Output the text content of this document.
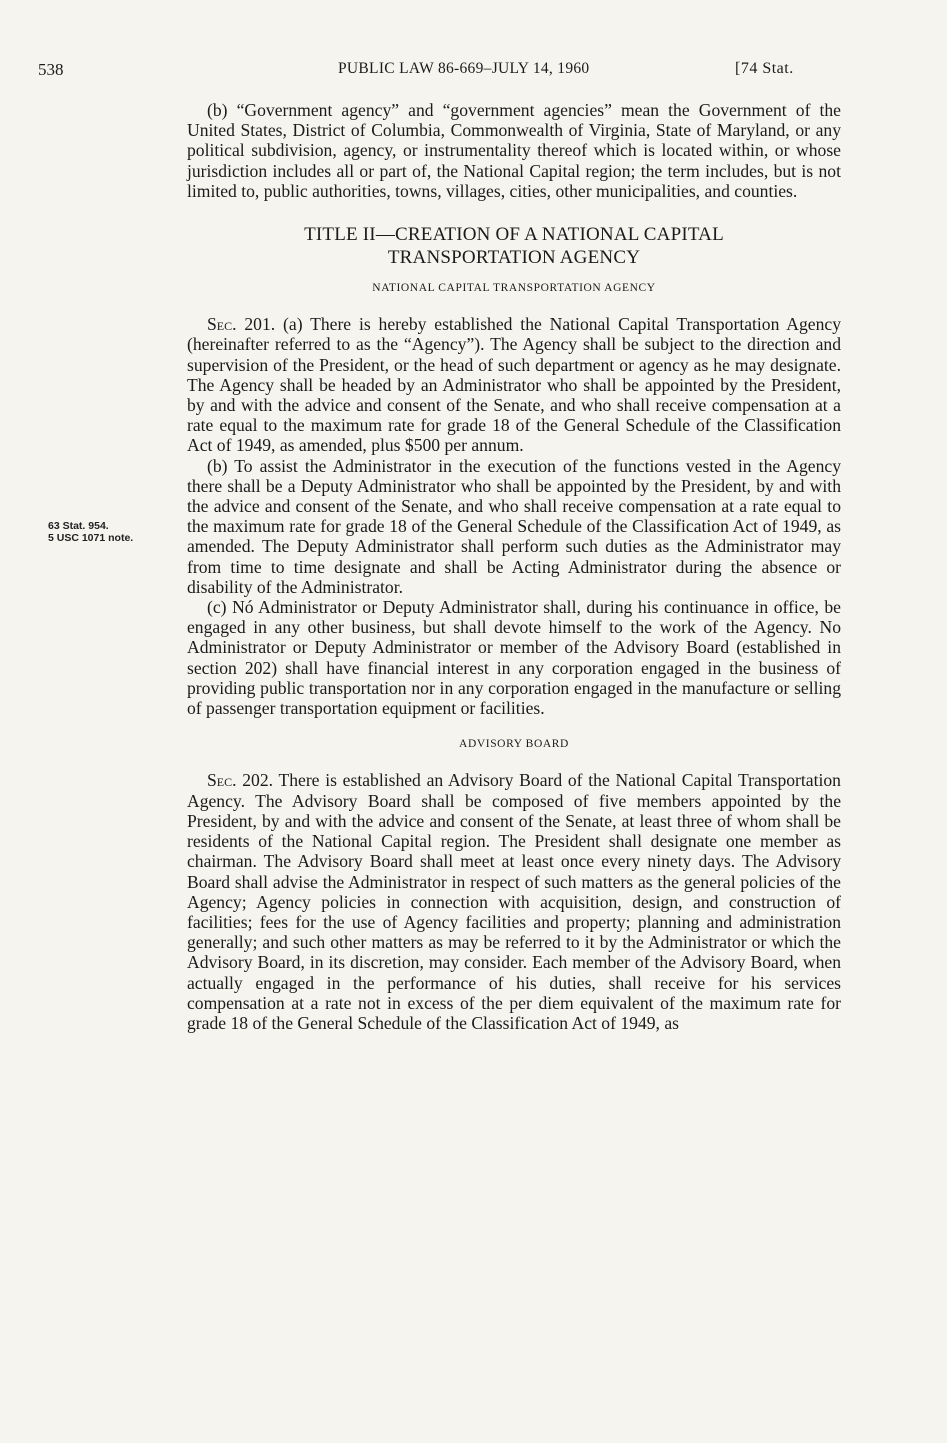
538	PUBLIC LAW 86-669–JULY 14, 1960	[74 Stat.
63 Stat. 954.
5 USC 1071 note.

(b) “Government agency” and “government agencies” mean the Government of the United States, District of Columbia, Commonwealth of Virginia, State of Maryland, or any political subdivision, agency, or instrumentality thereof which is located within, or whose jurisdiction includes all or part of, the National Capital region; the term includes, but is not limited to, public authorities, towns, villages, cities, other municipalities, and counties.

TITLE II—CREATION OF A NATIONAL CAPITAL
TRANSPORTATION AGENCY
NATIONAL CAPITAL TRANSPORTATION AGENCY

Sec. 201. (a) There is hereby established the National Capital Transportation Agency (hereinafter referred to as the “Agency”). The Agency shall be subject to the direction and supervision of the President, or the head of such department or agency as he may designate. The Agency shall be headed by an Administrator who shall be appointed by the President, by and with the advice and consent of the Senate, and who shall receive compensation at a rate equal to the maximum rate for grade 18 of the General Schedule of the Classification Act of 1949, as amended, plus $500 per annum.

(b) To assist the Administrator in the execution of the functions vested in the Agency there shall be a Deputy Administrator who shall be appointed by the President, by and with the advice and consent of the Senate, and who shall receive compensation at a rate equal to the maximum rate for grade 18 of the General Schedule of the Classification Act of 1949, as amended. The Deputy Administrator shall perform such duties as the Administrator may from time to time designate and shall be Acting Administrator during the absence or disability of the Administrator.

(c) Nó Administrator or Deputy Administrator shall, during his continuance in office, be engaged in any other business, but shall devote himself to the work of the Agency. No Administrator or Deputy Administrator or member of the Advisory Board (established in section 202) shall have financial interest in any corporation engaged in the business of providing public transportation nor in any corporation engaged in the manufacture or selling of passenger transportation equipment or facilities.

ADVISORY BOARD

Sec. 202. There is established an Advisory Board of the National Capital Transportation Agency. The Advisory Board shall be composed of five members appointed by the President, by and with the advice and consent of the Senate, at least three of whom shall be residents of the National Capital region. The President shall designate one member as chairman. The Advisory Board shall meet at least once every ninety days. The Advisory Board shall advise the Administrator in respect of such matters as the general policies of the Agency; Agency policies in connection with acquisition, design, and construction of facilities; fees for the use of Agency facilities and property; planning and administration generally; and such other matters as may be referred to it by the Administrator or which the Advisory Board, in its discretion, may consider. Each member of the Advisory Board, when actually engaged in the performance of his duties, shall receive for his services compensation at a rate not in excess of the per diem equivalent of the maximum rate for grade 18 of the General Schedule of the Classification Act of 1949, as
